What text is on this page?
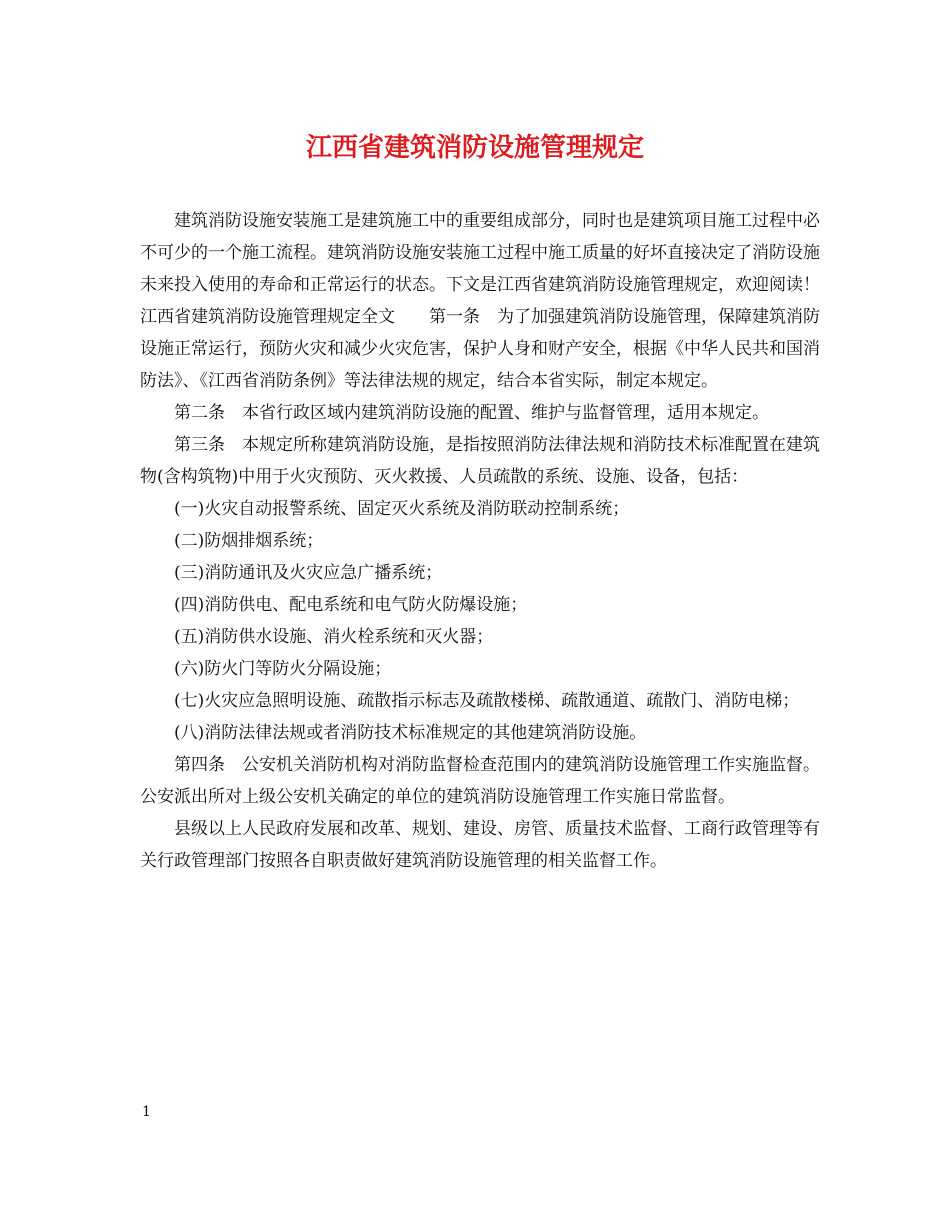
江西省建筑消防设施管理规定

建筑消防设施安装施工是建筑施工中的重要组成部分，同时也是建筑项目施工过程中必不可少的一个施工流程。建筑消防设施安装施工过程中施工质量的好坏直接决定了消防设施未来投入使用的寿命和正常运行的状态。下文是江西省建筑消防设施管理规定，欢迎阅读！

江西省建筑消防设施管理规定全文　　第一条　为了加强建筑消防设施管理，保障建筑消防设施正常运行，预防火灾和减少火灾危害，保护人身和财产安全，根据《中华人民共和国消防法》、《江西省消防条例》等法律法规的规定，结合本省实际，制定本规定。

第二条　本省行政区域内建筑消防设施的配置、维护与监督管理，适用本规定。

第三条　本规定所称建筑消防设施，是指按照消防法律法规和消防技术标准配置在建筑物(含构筑物)中用于火灾预防、灭火救援、人员疏散的系统、设施、设备，包括：

(一)火灾自动报警系统、固定灭火系统及消防联动控制系统；

(二)防烟排烟系统；

(三)消防通讯及火灾应急广播系统；

(四)消防供电、配电系统和电气防火防爆设施；

(五)消防供水设施、消火栓系统和灭火器；

(六)防火门等防火分隔设施；

(七)火灾应急照明设施、疏散指示标志及疏散楼梯、疏散通道、疏散门、消防电梯；

(八)消防法律法规或者消防技术标准规定的其他建筑消防设施。

第四条　公安机关消防机构对消防监督检查范围内的建筑消防设施管理工作实施监督。公安派出所对上级公安机关确定的单位的建筑消防设施管理工作实施日常监督。

县级以上人民政府发展和改革、规划、建设、房管、质量技术监督、工商行政管理等有关行政管理部门按照各自职责做好建筑消防设施管理的相关监督工作。

1
